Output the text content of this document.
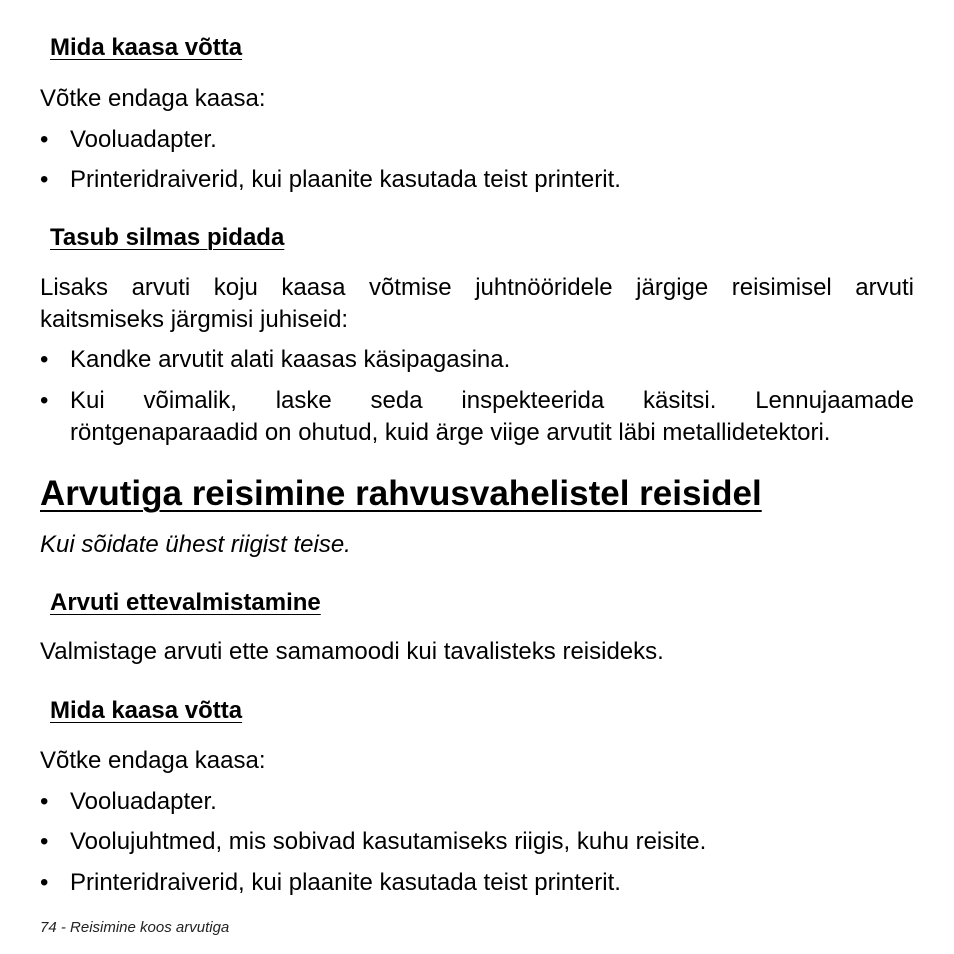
Mida kaasa võtta

Võtke endaga kaasa:

• Vooluadapter.
• Printeridraiverid, kui plaanite kasutada teist printerit.
Tasub silmas pidada
Lisaks arvuti koju kaasa võtmise juhtnööridele järgige reisimisel arvuti
kaitsmiseks järgmisi juhiseid:
• Kandke arvutit alati kaasas käsipagasina.
• Kui võimalik, laske seda inspekteerida käsitsi. Lennujaamade
röntgenaparaadid on ohutud, kuid ärge viige arvutit läbi metallidetektori.
Arvutiga reisimine rahvusvahelistel reisidel

Kui sõidate ühest riigist teise.

Arvuti ettevalmistamine

Valmistage arvuti ette samamoodi kui tavalisteks reisideks.

Mida kaasa võtta

Võtke endaga kaasa:

• Vooluadapter.
• Voolujuhtmed, mis sobivad kasutamiseks riigis, kuhu reisite.
• Printeridraiverid, kui plaanite kasutada teist printerit.

74 - Reisimine koos arvutiga
